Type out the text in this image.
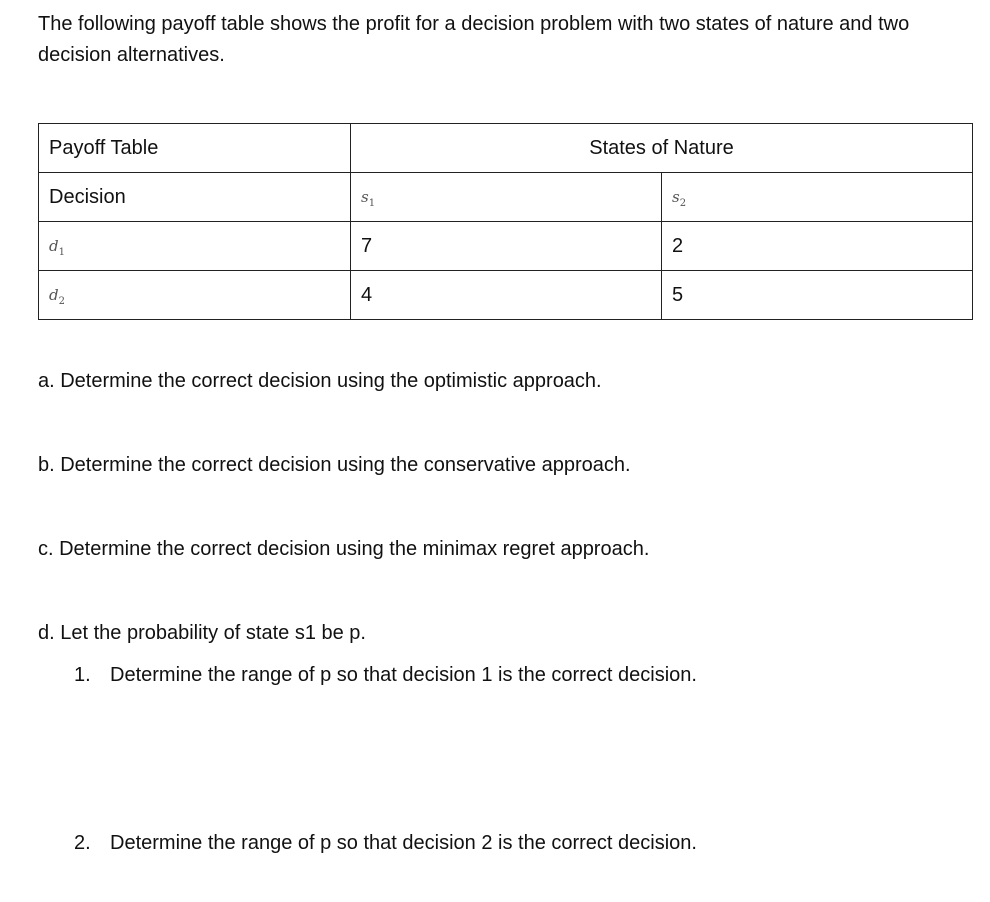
The following payoff table shows the profit for a decision problem with two states of nature and two decision alternatives.

Payoff Table	States of Nature	
Decision	$s_1$	$s_2$
$d_1$	7	2
$d_2$	4	5

a. Determine the correct decision using the optimistic approach.

b. Determine the correct decision using the conservative approach.

c. Determine the correct decision using the minimax regret approach.

d. Let the probability of state s1 be p.

1. Determine the range of p so that decision 1 is the correct decision.

2. Determine the range of p so that decision 2 is the correct decision.
